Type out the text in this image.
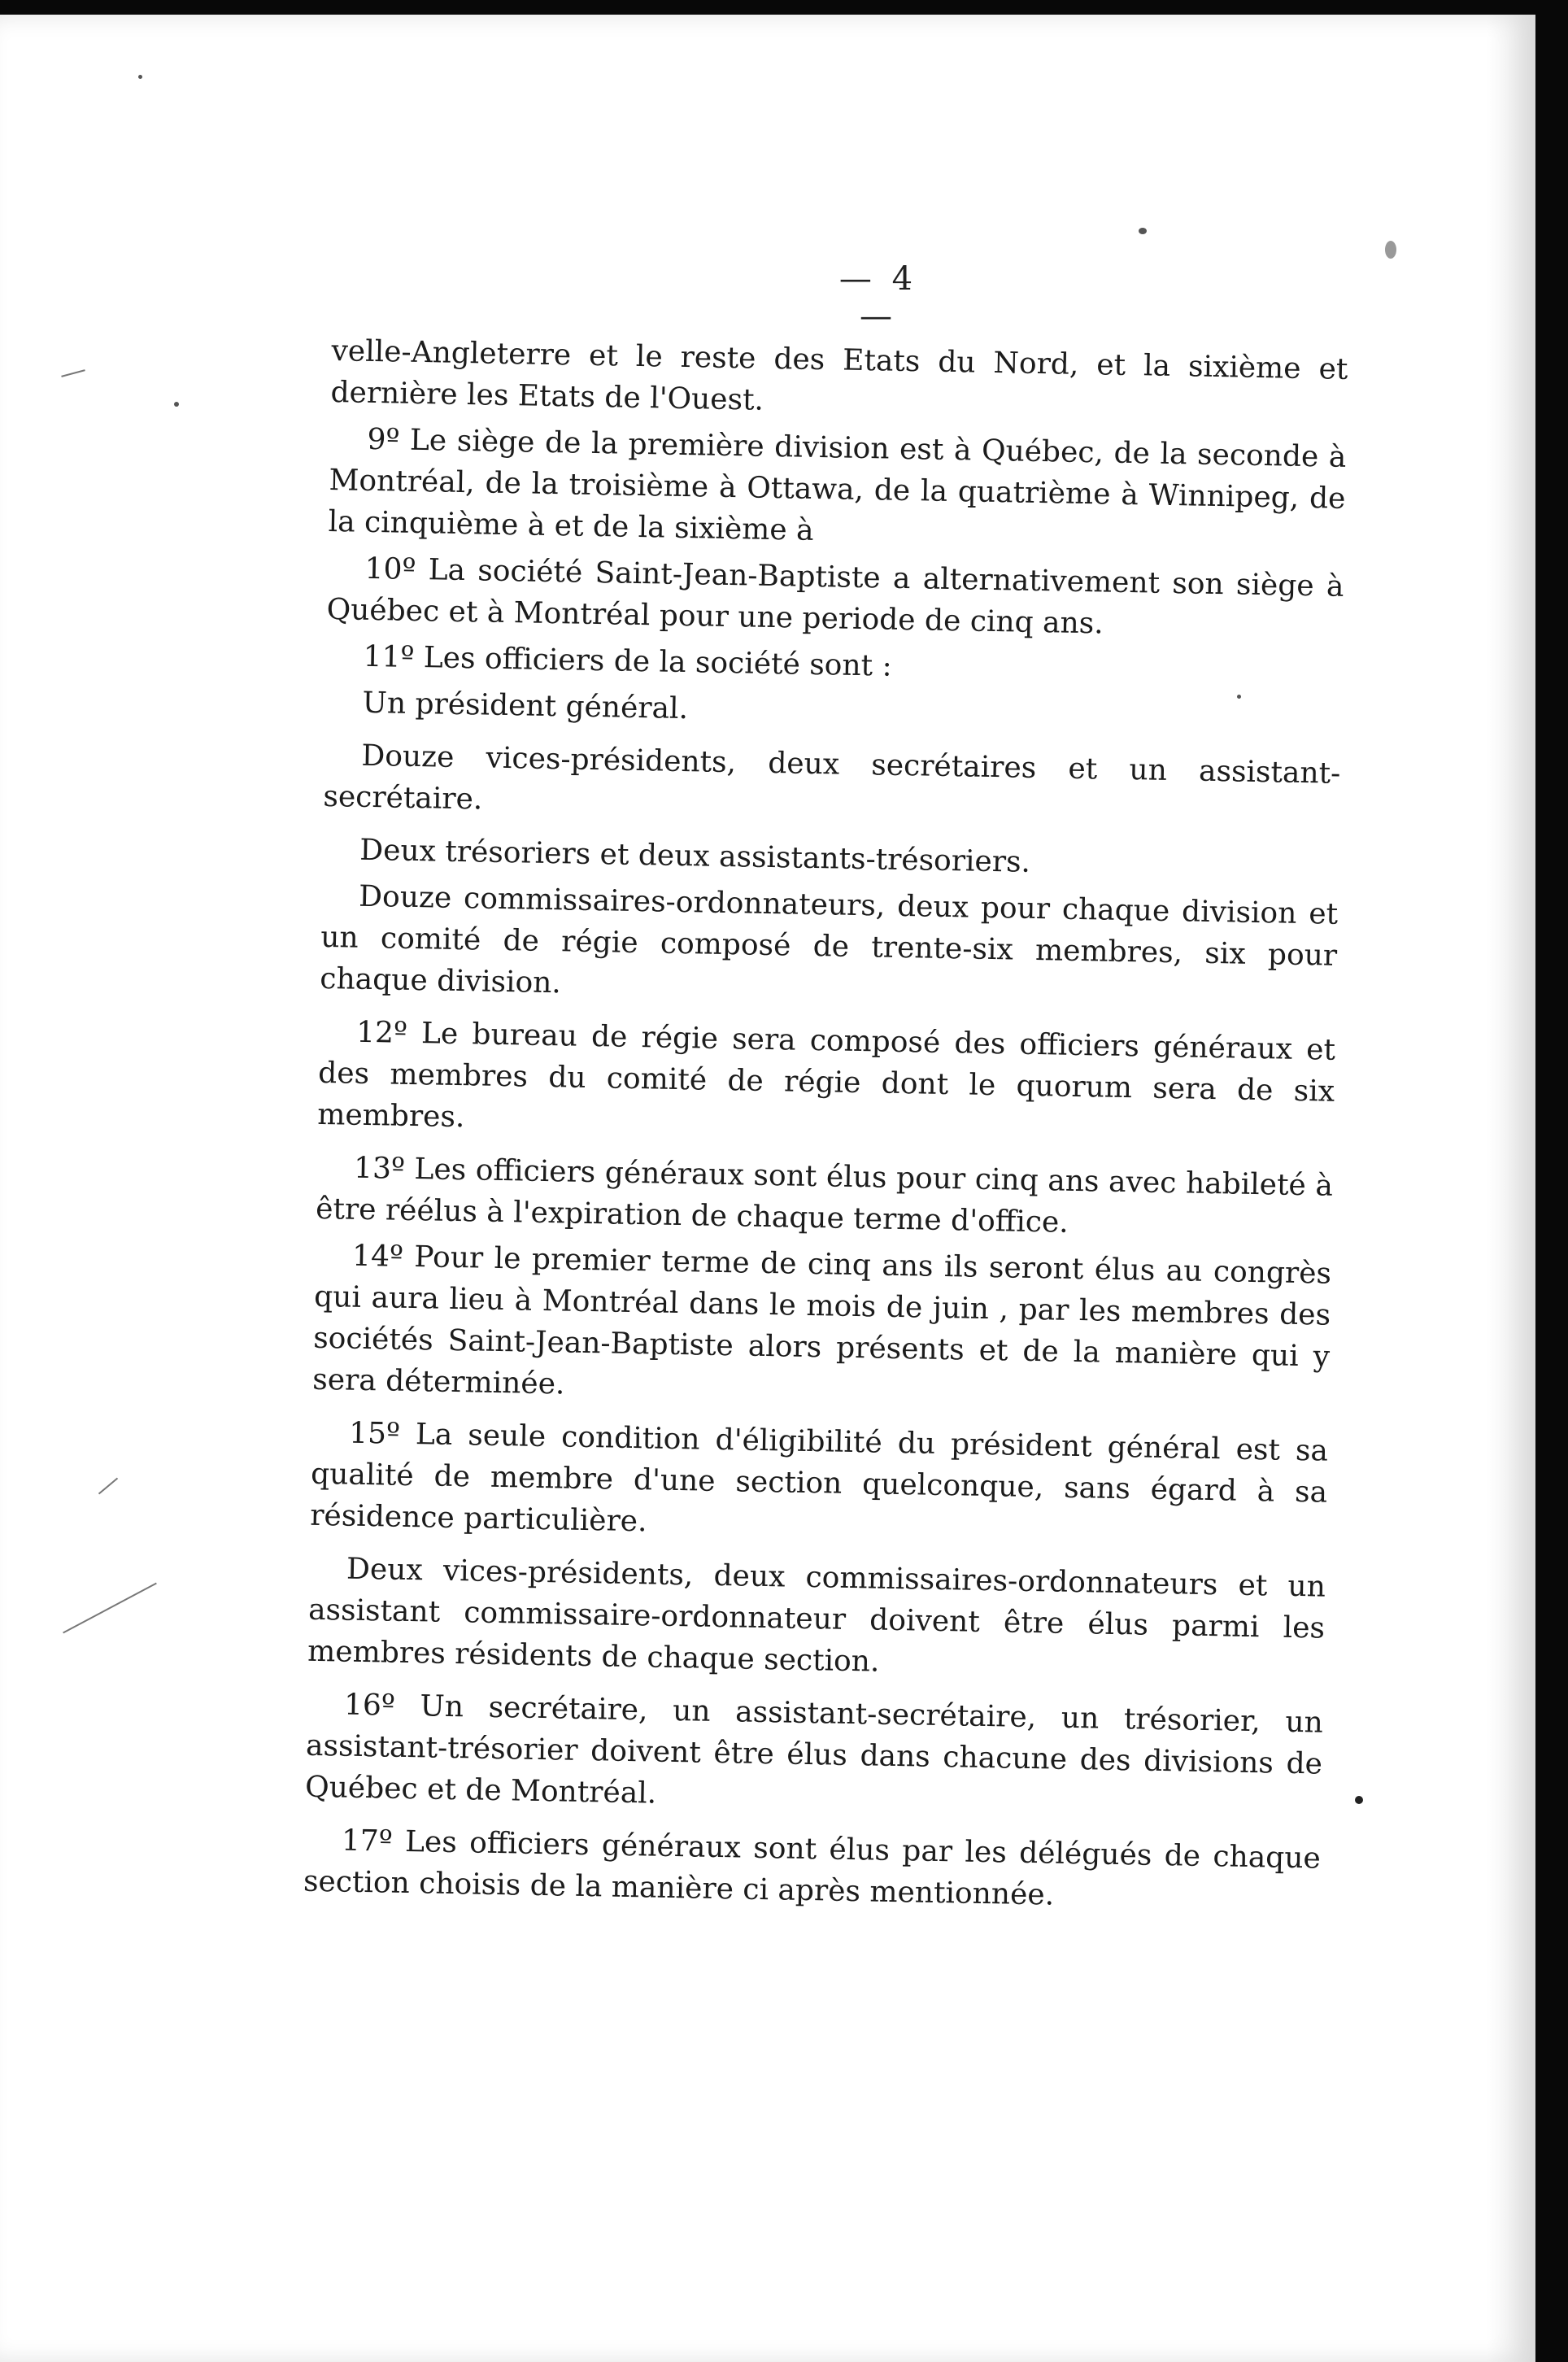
— 4 —

velle-Angleterre et le reste des Etats du Nord, et la sixième et dernière les Etats de l'Ouest.

9º Le siège de la première division est à Québec, de la seconde à Montréal, de la troisième à Ottawa, de la quatrième à Winnipeg, de la cinquième à et de la sixième à

10º La société Saint-Jean-Baptiste a alternativement son siège à Québec et à Montréal pour une periode de cinq ans.

11º Les officiers de la société sont :

Un président général.

Douze vices-présidents, deux secrétaires et un assistant-secrétaire.

Deux trésoriers et deux assistants-trésoriers.

Douze commissaires-ordonnateurs, deux pour chaque division et un comité de régie composé de trente-six membres, six pour chaque division.

12º Le bureau de régie sera composé des officiers généraux et des membres du comité de régie dont le quorum sera de six membres.

13º Les officiers généraux sont élus pour cinq ans avec habileté à être réélus à l'expiration de chaque terme d'office.

14º Pour le premier terme de cinq ans ils seront élus au congrès qui aura lieu à Montréal dans le mois de juin , par les membres des sociétés Saint-Jean-Baptiste alors présents et de la manière qui y sera déterminée.

15º La seule condition d'éligibilité du président général est sa qualité de membre d'une section quelconque, sans égard à sa résidence particulière.

Deux vices-présidents, deux commissaires-ordonnateurs et un assistant commissaire-ordonnateur doivent être élus parmi les membres résidents de chaque section.

16º Un secrétaire, un assistant-secrétaire, un trésorier, un assistant-trésorier doivent être élus dans chacune des divisions de Québec et de Montréal.

17º Les officiers généraux sont élus par les délégués de chaque section choisis de la manière ci après mentionnée.
